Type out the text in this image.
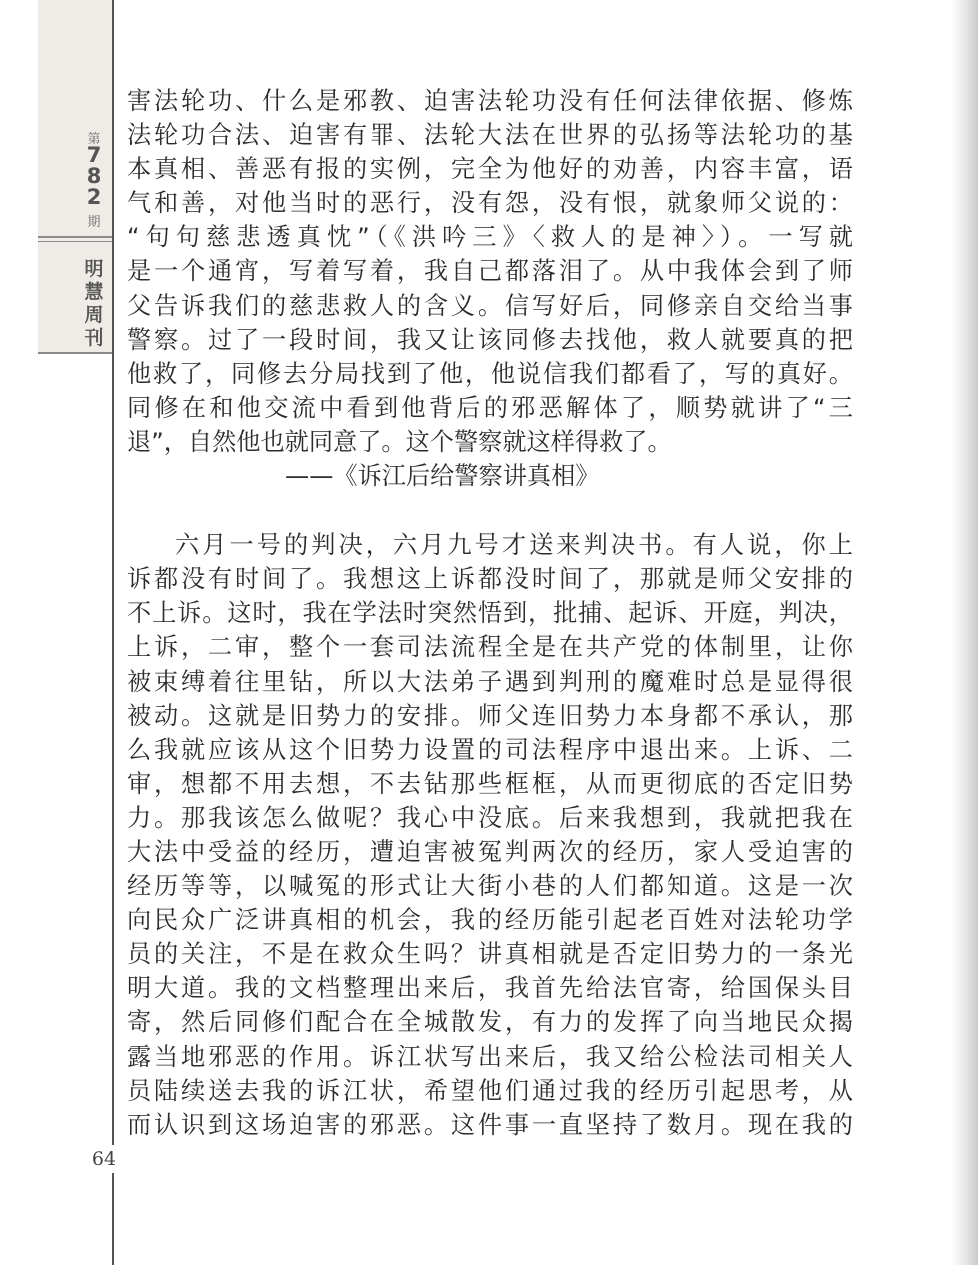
第
7
8
2
期
明
慧
周
刊
64

害法轮功、什么是邪教、迫害法轮功没有任何法律依据、修炼

法轮功合法、迫害有罪、法轮大法在世界的弘扬等法轮功的基

本真相、善恶有报的实例，完全为他好的劝善，内容丰富，语

气和善，对他当时的恶行，没有怨，没有恨，就象师父说的：

“句句慈悲透真忱”（《洪吟三》〈救人的是神〉）。一写就

是一个通宵，写着写着，我自己都落泪了。从中我体会到了师

父告诉我们的慈悲救人的含义。信写好后，同修亲自交给当事

警察。过了一段时间，我又让该同修去找他，救人就要真的把

他救了，同修去分局找到了他，他说信我们都看了，写的真好。

同修在和他交流中看到他背后的邪恶解体了，顺势就讲了“三

退”，自然他也就同意了。这个警察就这样得救了。

——《诉江后给警察讲真相》

六月一号的判决，六月九号才送来判决书。有人说，你上

诉都没有时间了。我想这上诉都没时间了，那就是师父安排的

不上诉。这时，我在学法时突然悟到，批捕、起诉、开庭，判决，

上诉，二审，整个一套司法流程全是在共产党的体制里，让你

被束缚着往里钻，所以大法弟子遇到判刑的魔难时总是显得很

被动。这就是旧势力的安排。师父连旧势力本身都不承认，那

么我就应该从这个旧势力设置的司法程序中退出来。上诉、二

审，想都不用去想，不去钻那些框框，从而更彻底的否定旧势

力。那我该怎么做呢？我心中没底。后来我想到，我就把我在

大法中受益的经历，遭迫害被冤判两次的经历，家人受迫害的

经历等等，以喊冤的形式让大街小巷的人们都知道。这是一次

向民众广泛讲真相的机会，我的经历能引起老百姓对法轮功学

员的关注，不是在救众生吗？讲真相就是否定旧势力的一条光

明大道。我的文档整理出来后，我首先给法官寄，给国保头目

寄，然后同修们配合在全城散发，有力的发挥了向当地民众揭

露当地邪恶的作用。诉江状写出来后，我又给公检法司相关人

员陆续送去我的诉江状，希望他们通过我的经历引起思考，从

而认识到这场迫害的邪恶。这件事一直坚持了数月。现在我的
